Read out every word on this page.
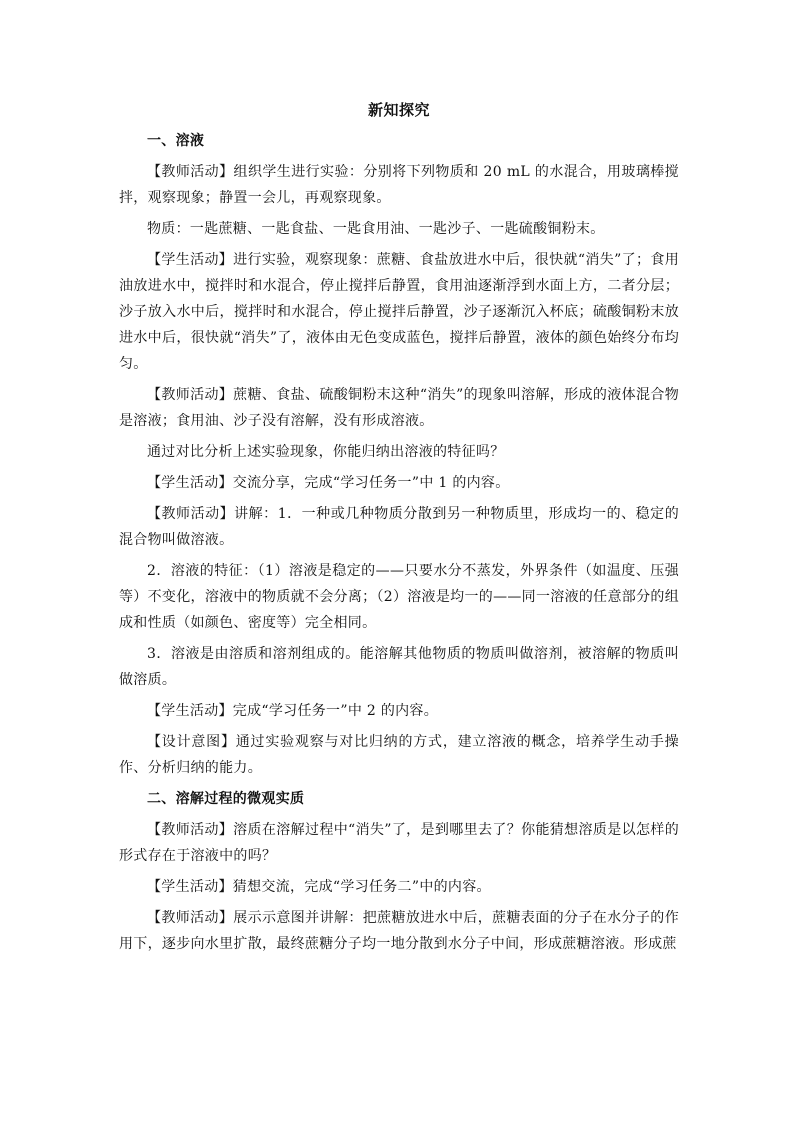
新知探究
一、溶液
【教师活动】组织学生进行实验：分别将下列物质和 20 mL 的水混合，用玻璃棒搅拌，观察现象；静置一会儿，再观察现象。
物质：一匙蔗糖、一匙食盐、一匙食用油、一匙沙子、一匙硫酸铜粉末。
【学生活动】进行实验，观察现象：蔗糖、食盐放进水中后，很快就“消失”了；食用油放进水中，搅拌时和水混合，停止搅拌后静置，食用油逐渐浮到水面上方，二者分层；沙子放入水中后，搅拌时和水混合，停止搅拌后静置，沙子逐渐沉入杯底；硫酸铜粉末放进水中后，很快就“消失”了，液体由无色变成蓝色，搅拌后静置，液体的颜色始终分布均匀。
【教师活动】蔗糖、食盐、硫酸铜粉末这种“消失”的现象叫溶解，形成的液体混合物是溶液；食用油、沙子没有溶解，没有形成溶液。
通过对比分析上述实验现象，你能归纳出溶液的特征吗？
【学生活动】交流分享，完成“学习任务一”中 1 的内容。
【教师活动】讲解：1．一种或几种物质分散到另一种物质里，形成均一的、稳定的混合物叫做溶液。
2．溶液的特征：（1）溶液是稳定的——只要水分不蒸发，外界条件（如温度、压强等）不变化，溶液中的物质就不会分离；（2）溶液是均一的——同一溶液的任意部分的组成和性质（如颜色、密度等）完全相同。
3．溶液是由溶质和溶剂组成的。能溶解其他物质的物质叫做溶剂，被溶解的物质叫做溶质。
【学生活动】完成“学习任务一”中 2 的内容。
【设计意图】通过实验观察与对比归纳的方式，建立溶液的概念，培养学生动手操作、分析归纳的能力。
二、溶解过程的微观实质
【教师活动】溶质在溶解过程中“消失”了，是到哪里去了？你能猜想溶质是以怎样的形式存在于溶液中的吗？
【学生活动】猜想交流，完成“学习任务二”中的内容。
【教师活动】展示示意图并讲解：把蔗糖放进水中后，蔗糖表面的分子在水分子的作用下，逐步向水里扩散，最终蔗糖分子均一地分散到水分子中间，形成蔗糖溶液。形成蔗
